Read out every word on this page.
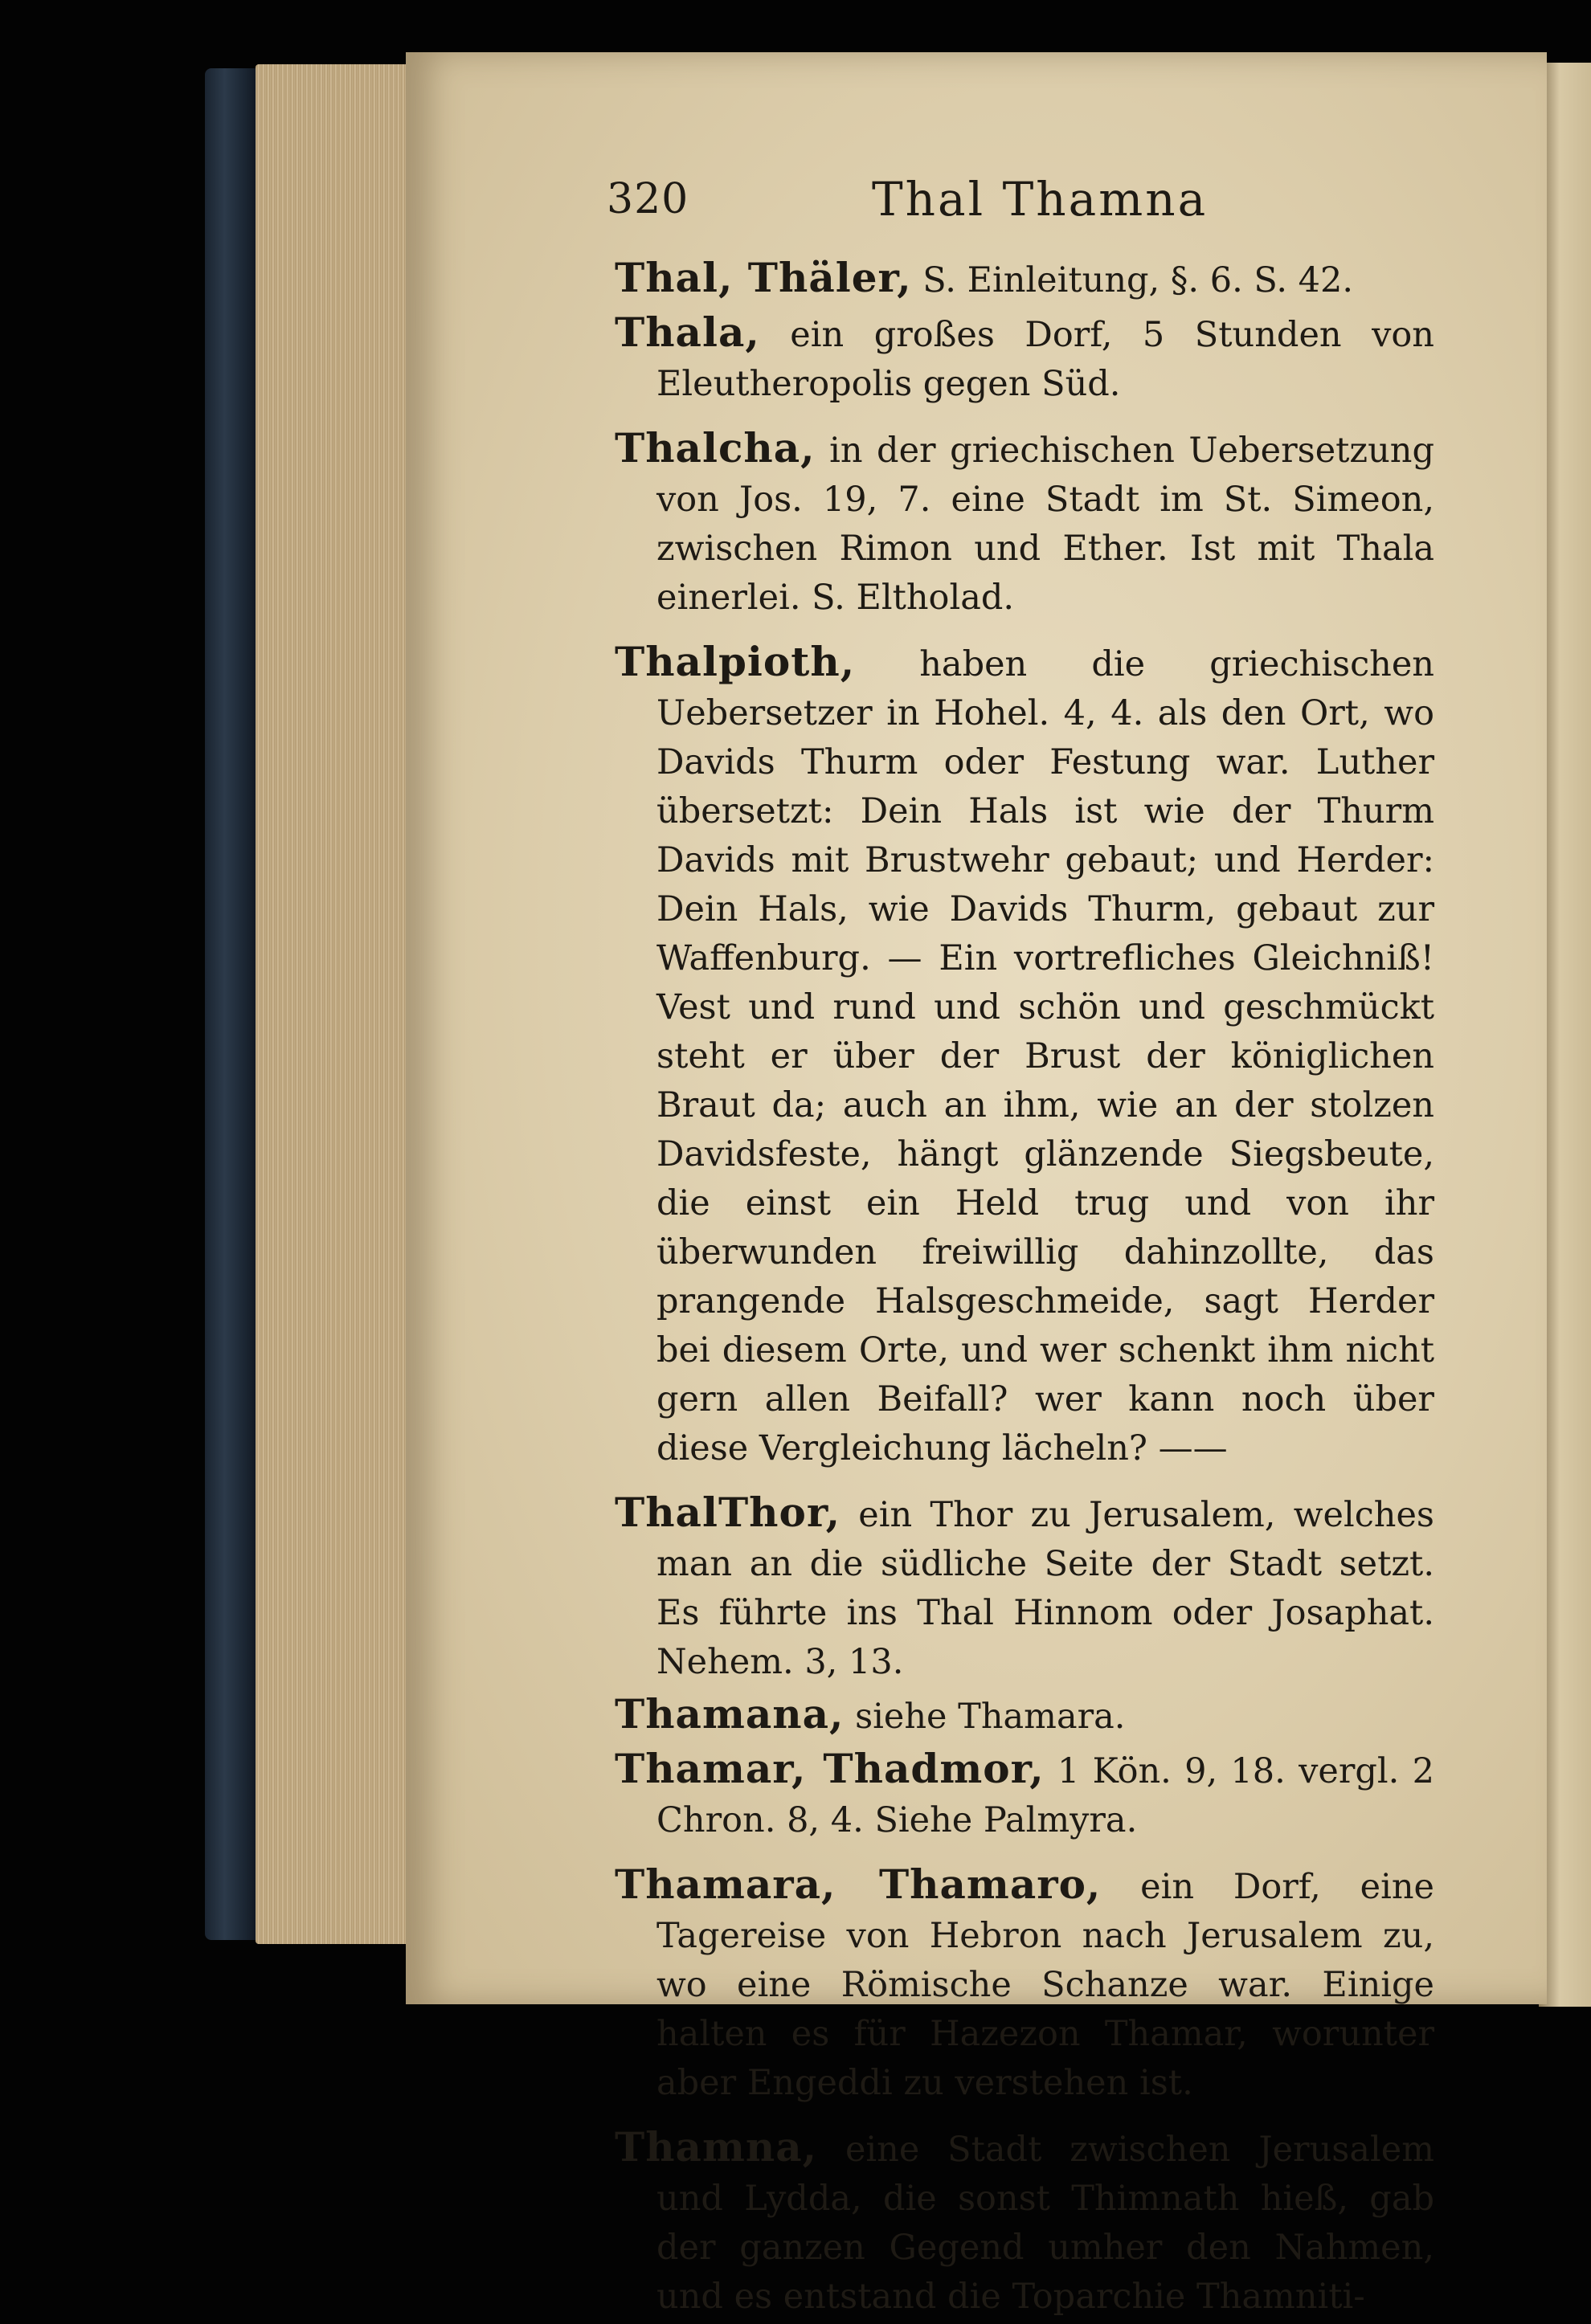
320	Thal Thamna

Thal, Thäler, S. Einleitung, §. 6. S. 42.

Thala, ein großes Dorf, 5 Stunden von Eleutheropolis gegen Süd.

Thalcha, in der griechischen Uebersetzung von Jos. 19, 7. eine Stadt im St. Simeon, zwischen Rimon und Ether. Ist mit Thala einerlei. S. Eltholad.

Thalpioth, haben die griechischen Uebersetzer in Hohel. 4, 4. als den Ort, wo Davids Thurm oder Festung war. Luther übersetzt: Dein Hals ist wie der Thurm Davids mit Brustwehr gebaut; und Herder: Dein Hals, wie Davids Thurm, gebaut zur Waffenburg. — Ein vortrefliches Gleichniß! Vest und rund und schön und geschmückt steht er über der Brust der königlichen Braut da; auch an ihm, wie an der stolzen Davidsfeste, hängt glänzende Siegsbeute, die einst ein Held trug und von ihr überwunden freiwillig dahinzollte, das prangende Halsgeschmeide, sagt Herder bei diesem Orte, und wer schenkt ihm nicht gern allen Beifall? wer kann noch über diese Vergleichung lächeln? ——

ThalThor, ein Thor zu Jerusalem, welches man an die südliche Seite der Stadt setzt. Es führte ins Thal Hinnom oder Josaphat. Nehem. 3, 13.

Thamana, siehe Thamara.

Thamar, Thadmor, 1 Kön. 9, 18. vergl. 2 Chron. 8, 4. Siehe Palmyra.

Thamara, Thamaro, ein Dorf, eine Tagereise von Hebron nach Jerusalem zu, wo eine Römische Schanze war. Einige halten es für Hazezon Thamar, worunter aber Engeddi zu verstehen ist.

Thamna, eine Stadt zwischen Jerusalem und Lydda, die sonst Thimnath hieß, gab der ganzen Gegend umher den Nahmen, und es entstand die Toparchie Thamniti-
